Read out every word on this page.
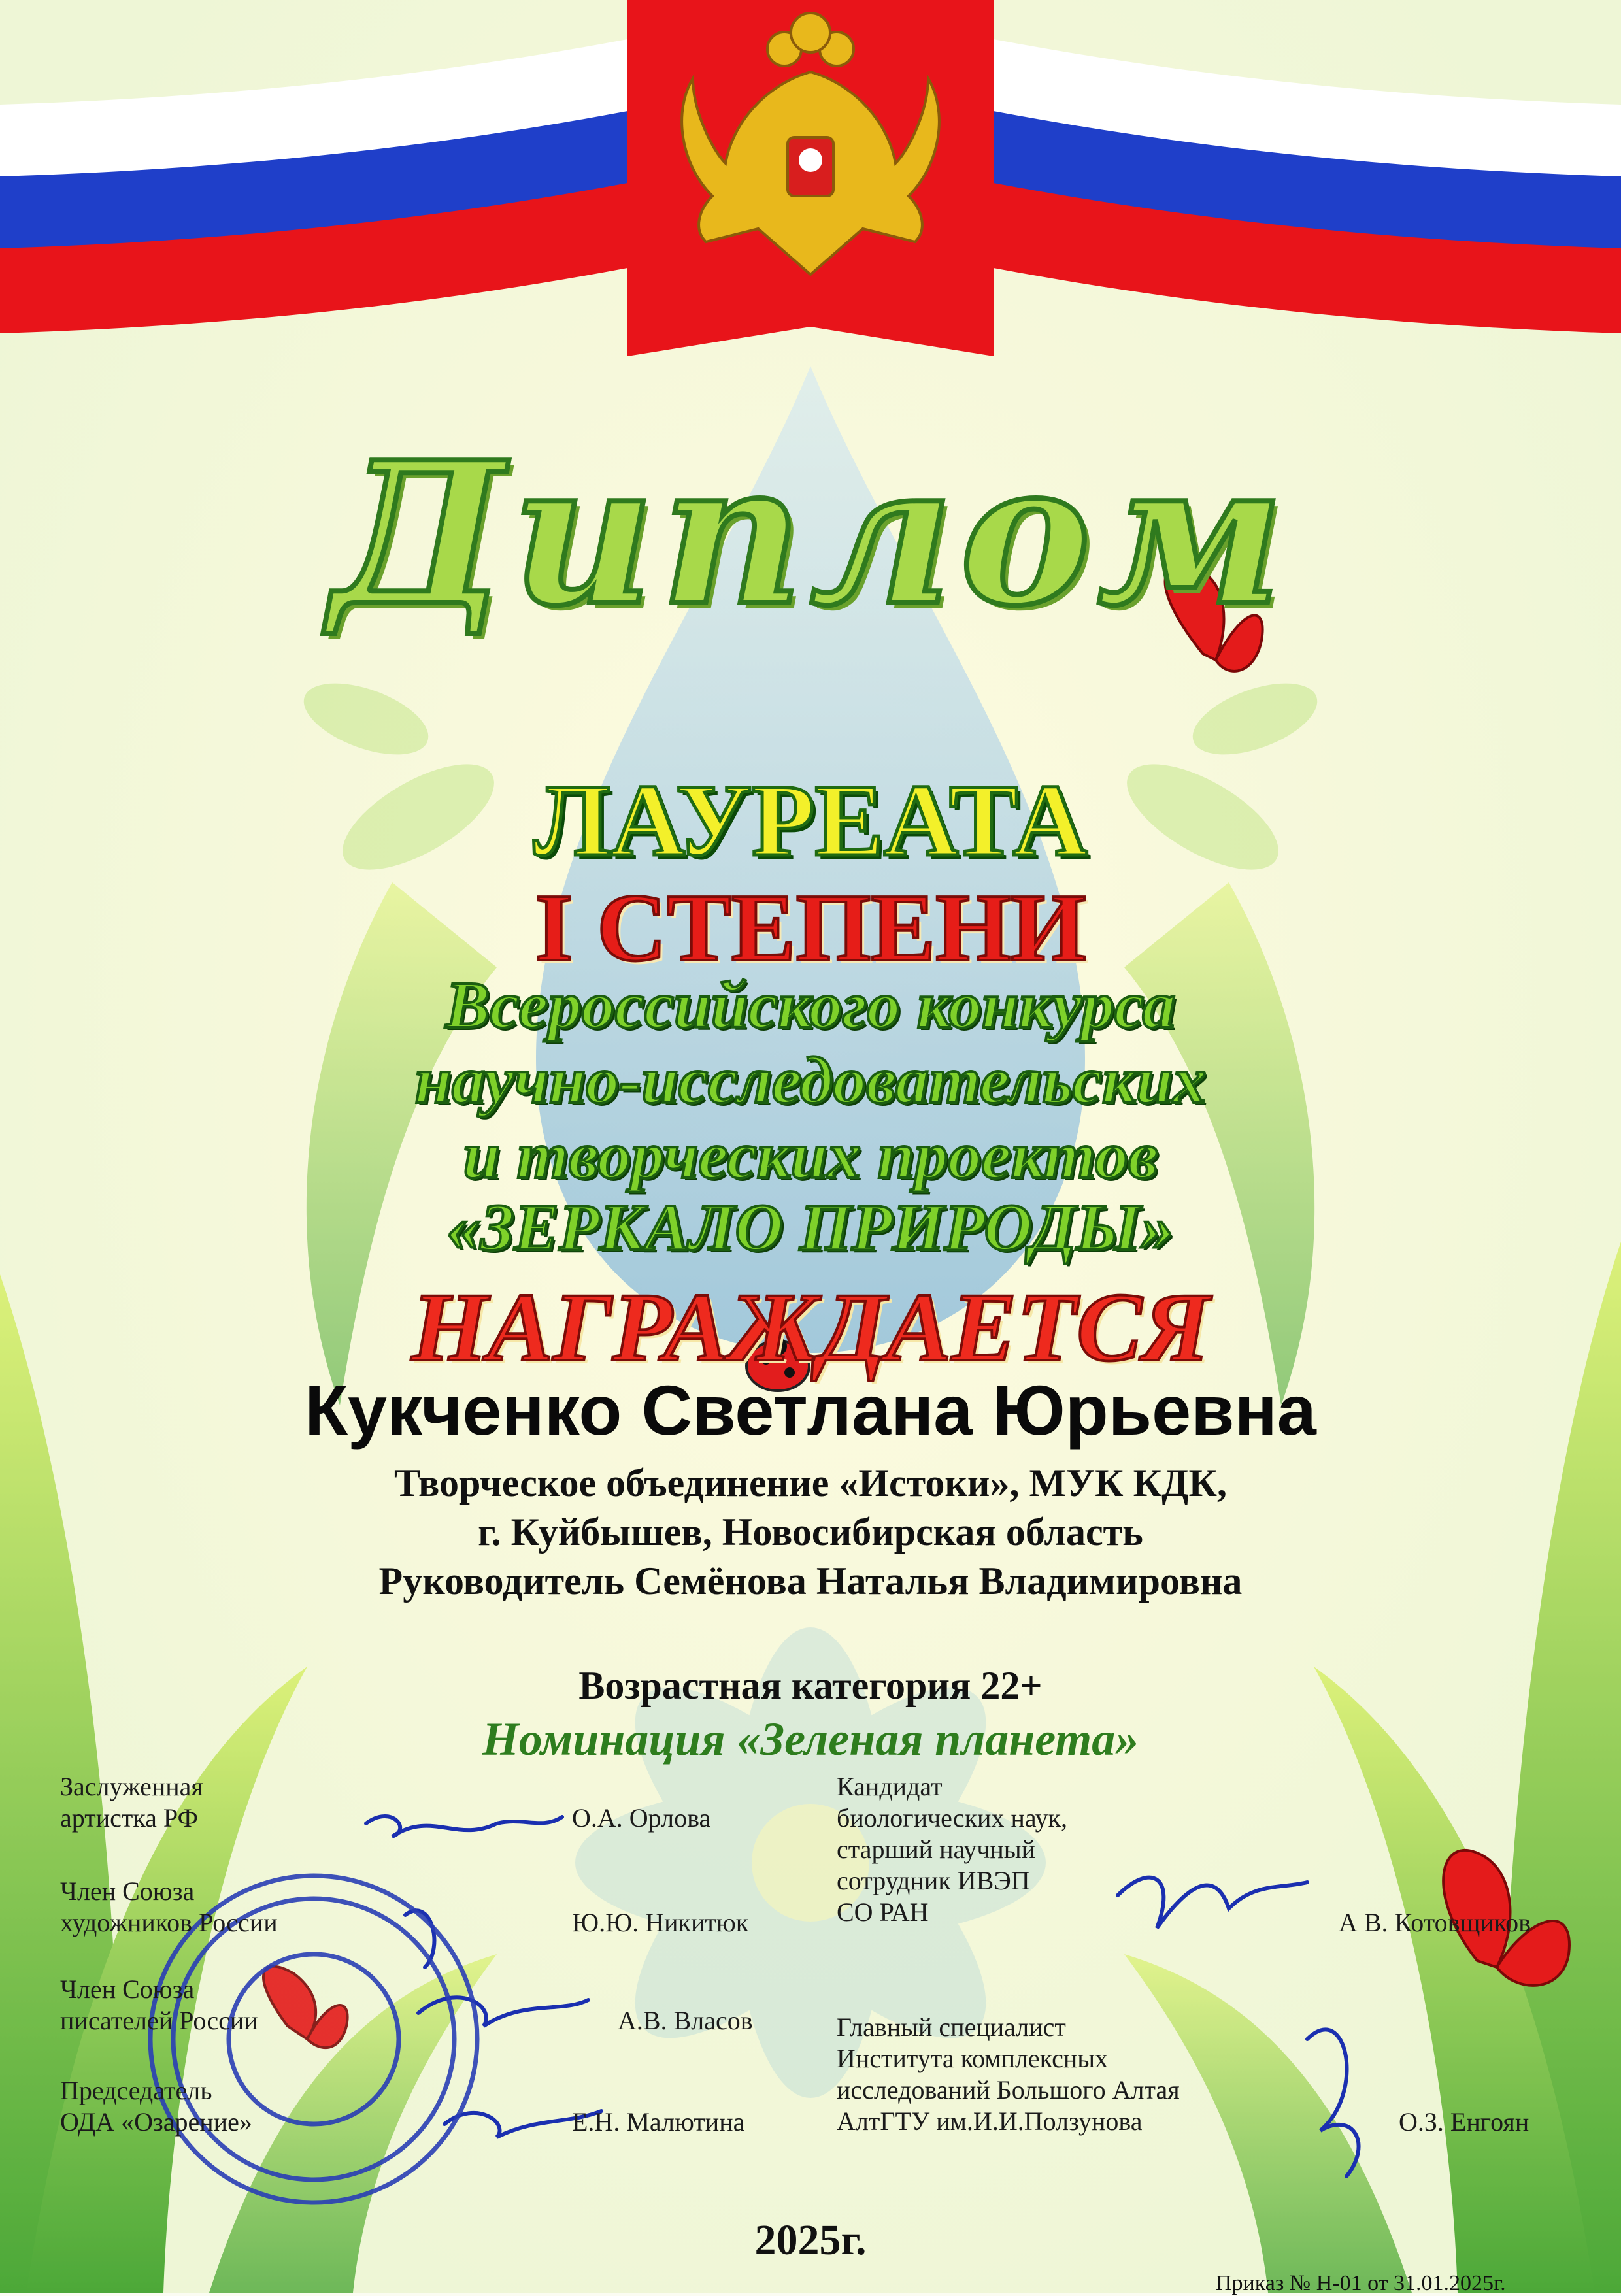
Диплом
ЛАУРЕАТА
I СТЕПЕНИ
Всероссийского конкурса
научно-исследовательских
и творческих проектов
«ЗЕРКАЛО ПРИРОДЫ»
НАГРАЖДАЕТСЯ
Кукченко Светлана Юрьевна
Творческое объединение «Истоки», МУК КДК,
г. Куйбышев, Новосибирская область
Руководитель Семёнова Наталья Владимировна
Возрастная категория 22+
Номинация «Зеленая планета»
Заслуженная
артистка РФ	О.А. Орлова
Член Союза
художников России	Ю.Ю. Никитюк
Член Союза
писателей России	А.В. Власов
Председатель
ОДА «Озарение»	Е.Н. Малютина
Кандидат
биологических наук,
старший научный
сотрудник ИВЭП
СО РАН	А В. Котовщиков
Главный специалист
Института комплексных
исследований Большого Алтая
АлтГТУ им.И.И.Ползунова	О.З. Енгоян
2025г.
Приказ № Н-01 от 31.01.2025г.
